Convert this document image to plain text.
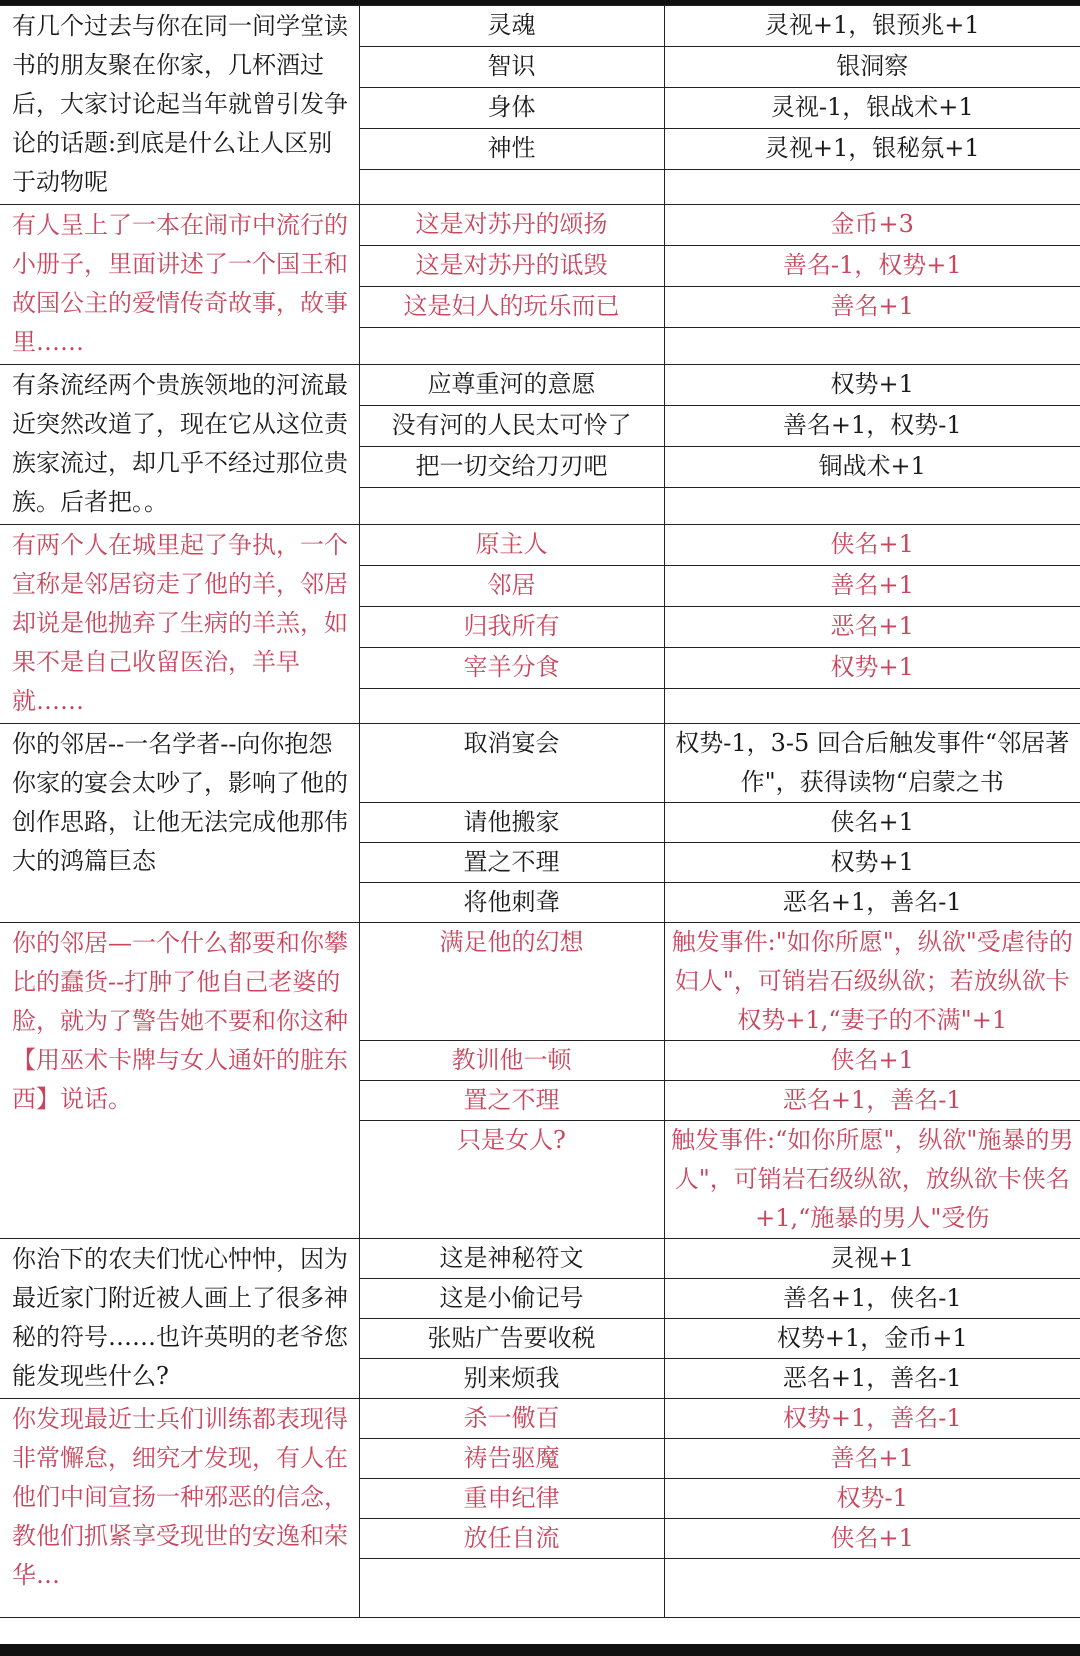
有几个过去与你在同一间学堂读书的朋友聚在你家，几杯酒过后，大家讨论起当年就曾引发争论的话题:到底是什么让人区别于动物呢	灵魂	灵视+1，银预兆+1
	智识	银洞察
	身体	灵视-1，银战术+1
	神性	灵视+1，银秘氛+1

有人呈上了一本在闹市中流行的小册子，里面讲述了一个国王和故国公主的爱情传奇故事，故事里……	这是对苏丹的颂扬	金币+3
	这是对苏丹的诋毁	善名-1，权势+1
	这是妇人的玩乐而已	善名+1

有条流经两个贵族领地的河流最近突然改道了，现在它从这位责族家流过，却几乎不经过那位贵族。后者把。。	应尊重河的意愿	权势+1
	没有河的人民太可怜了	善名+1，权势-1
	把一切交给刀刃吧	铜战术+1

有两个人在城里起了争执，一个宣称是邻居窃走了他的羊，邻居却说是他抛弃了生病的羊羔，如果不是自己收留医治，羊早就……	原主人	侠名+1
	邻居	善名+1
	归我所有	恶名+1
	宰羊分食	权势+1

你的邻居--一名学者--向你抱怨你家的宴会太吵了，影响了他的创作思路，让他无法完成他那伟大的鸿篇巨态	取消宴会	权势-1，3-5 回合后触发事件“邻居著作"，获得读物“启蒙之书
	请他搬家	侠名+1
	置之不理	权势+1
	将他刺聋	恶名+1，善名-1
你的邻居—一个什么都要和你攀比的蠢货--打肿了他自己老婆的脸，就为了警告她不要和你这种【用巫术卡牌与女人通奸的脏东西】说话。	满足他的幻想	触发事件:"如你所愿"，纵欲"受虐待的妇人"，可销岩石级纵欲；若放纵欲卡权势+1,“妻子的不满"+1
	教训他一顿	侠名+1
	置之不理	恶名+1，善名-1
	只是女人?	触发事件:“如你所愿"，纵欲"施暴的男人"，可销岩石级纵欲，放纵欲卡侠名+1,“施暴的男人"受伤
你治下的农夫们忧心忡忡，因为最近家门附近被人画上了很多神秘的符号……也许英明的老爷您能发现些什么?	这是神秘符文	灵视+1
	这是小偷记号	善名+1，侠名-1
	张贴广告要收税	权势+1，金币+1
	别来烦我	恶名+1，善名-1
你发现最近士兵们训练都表现得非常懈怠，细究才发现，有人在他们中间宣扬一种邪恶的信念，教他们抓紧享受现世的安逸和荣华…	杀一儆百	权势+1，善名-1
	祷告驱魔	善名+1
	重申纪律	权势-1
	放任自流	侠名+1
